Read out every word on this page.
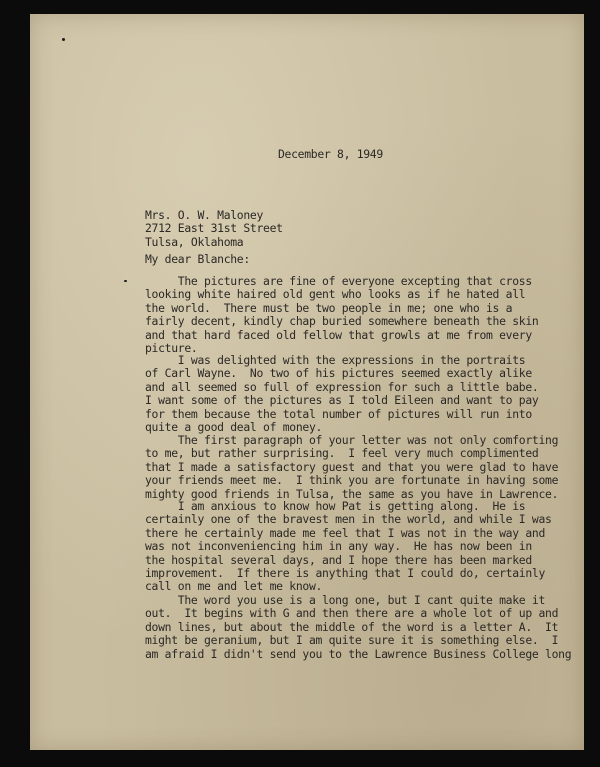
December 8, 1949
Mrs. O. W. Maloney
2712 East 31st Street
Tulsa, Oklahoma
My dear Blanche:
The pictures are fine of everyone excepting that cross
looking white haired old gent who looks as if he hated all
the world.  There must be two people in me; one who is a
fairly decent, kindly chap buried somewhere beneath the skin
and that hard faced old fellow that growls at me from every
picture.
I was delighted with the expressions in the portraits
of Carl Wayne.  No two of his pictures seemed exactly alike
and all seemed so full of expression for such a little babe.
I want some of the pictures as I told Eileen and want to pay
for them because the total number of pictures will run into
quite a good deal of money.
The first paragraph of your letter was not only comforting
to me, but rather surprising.  I feel very much complimented
that I made a satisfactory guest and that you were glad to have
your friends meet me.  I think you are fortunate in having some
mighty good friends in Tulsa, the same as you have in Lawrence.
I am anxious to know how Pat is getting along.  He is
certainly one of the bravest men in the world, and while I was
there he certainly made me feel that I was not in the way and
was not inconveniencing him in any way.  He has now been in
the hospital several days, and I hope there has been marked
improvement.  If there is anything that I could do, certainly
call on me and let me know.
The word you use is a long one, but I cant quite make it
out.  It begins with G and then there are a whole lot of up and
down lines, but about the middle of the word is a letter A.  It
might be geranium, but I am quite sure it is something else.  I
am afraid I didn't send you to the Lawrence Business College long
